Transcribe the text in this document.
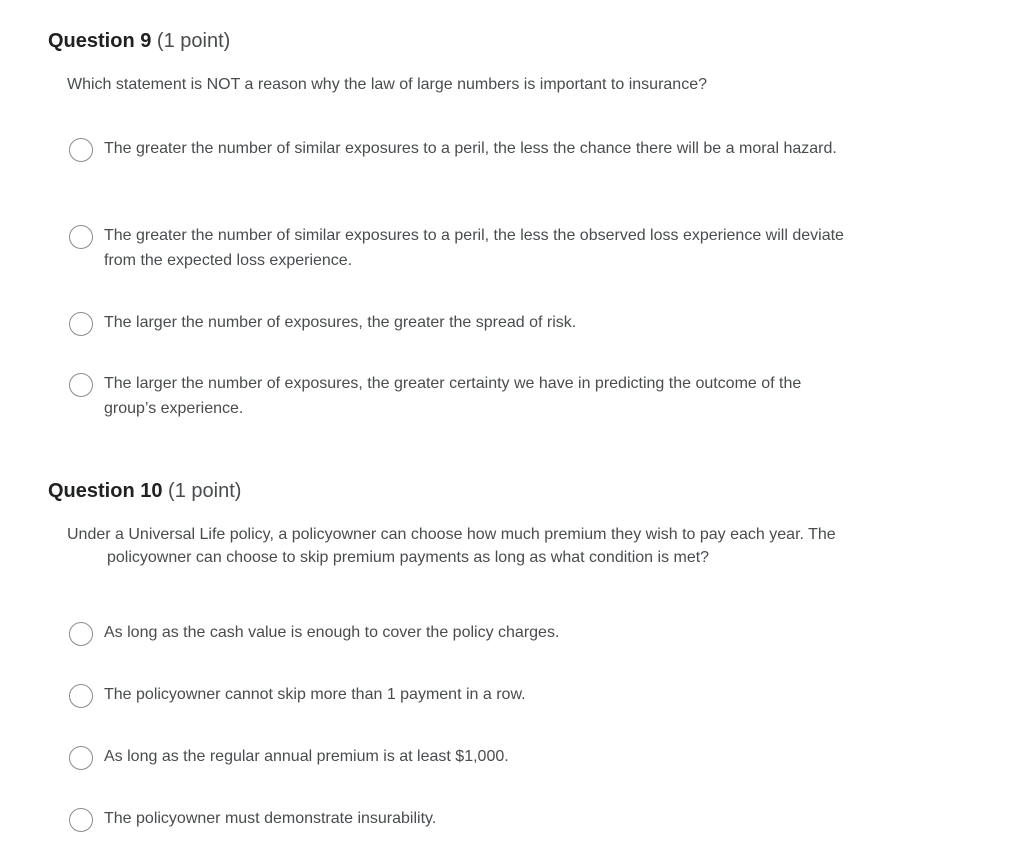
Question 9 (1 point)
Which statement is NOT a reason why the law of large numbers is important to insurance?
The greater the number of similar exposures to a peril, the less the chance there will be a moral hazard.
The greater the number of similar exposures to a peril, the less the observed loss experience will deviate from the expected loss experience.
The larger the number of exposures, the greater the spread of risk.
The larger the number of exposures, the greater certainty we have in predicting the outcome of the group’s experience.
Question 10 (1 point)
Under a Universal Life policy, a policyowner can choose how much premium they wish to pay each year. The policyowner can choose to skip premium payments as long as what condition is met?
As long as the cash value is enough to cover the policy charges.
The policyowner cannot skip more than 1 payment in a row.
As long as the regular annual premium is at least $1,000.
The policyowner must demonstrate insurability.
